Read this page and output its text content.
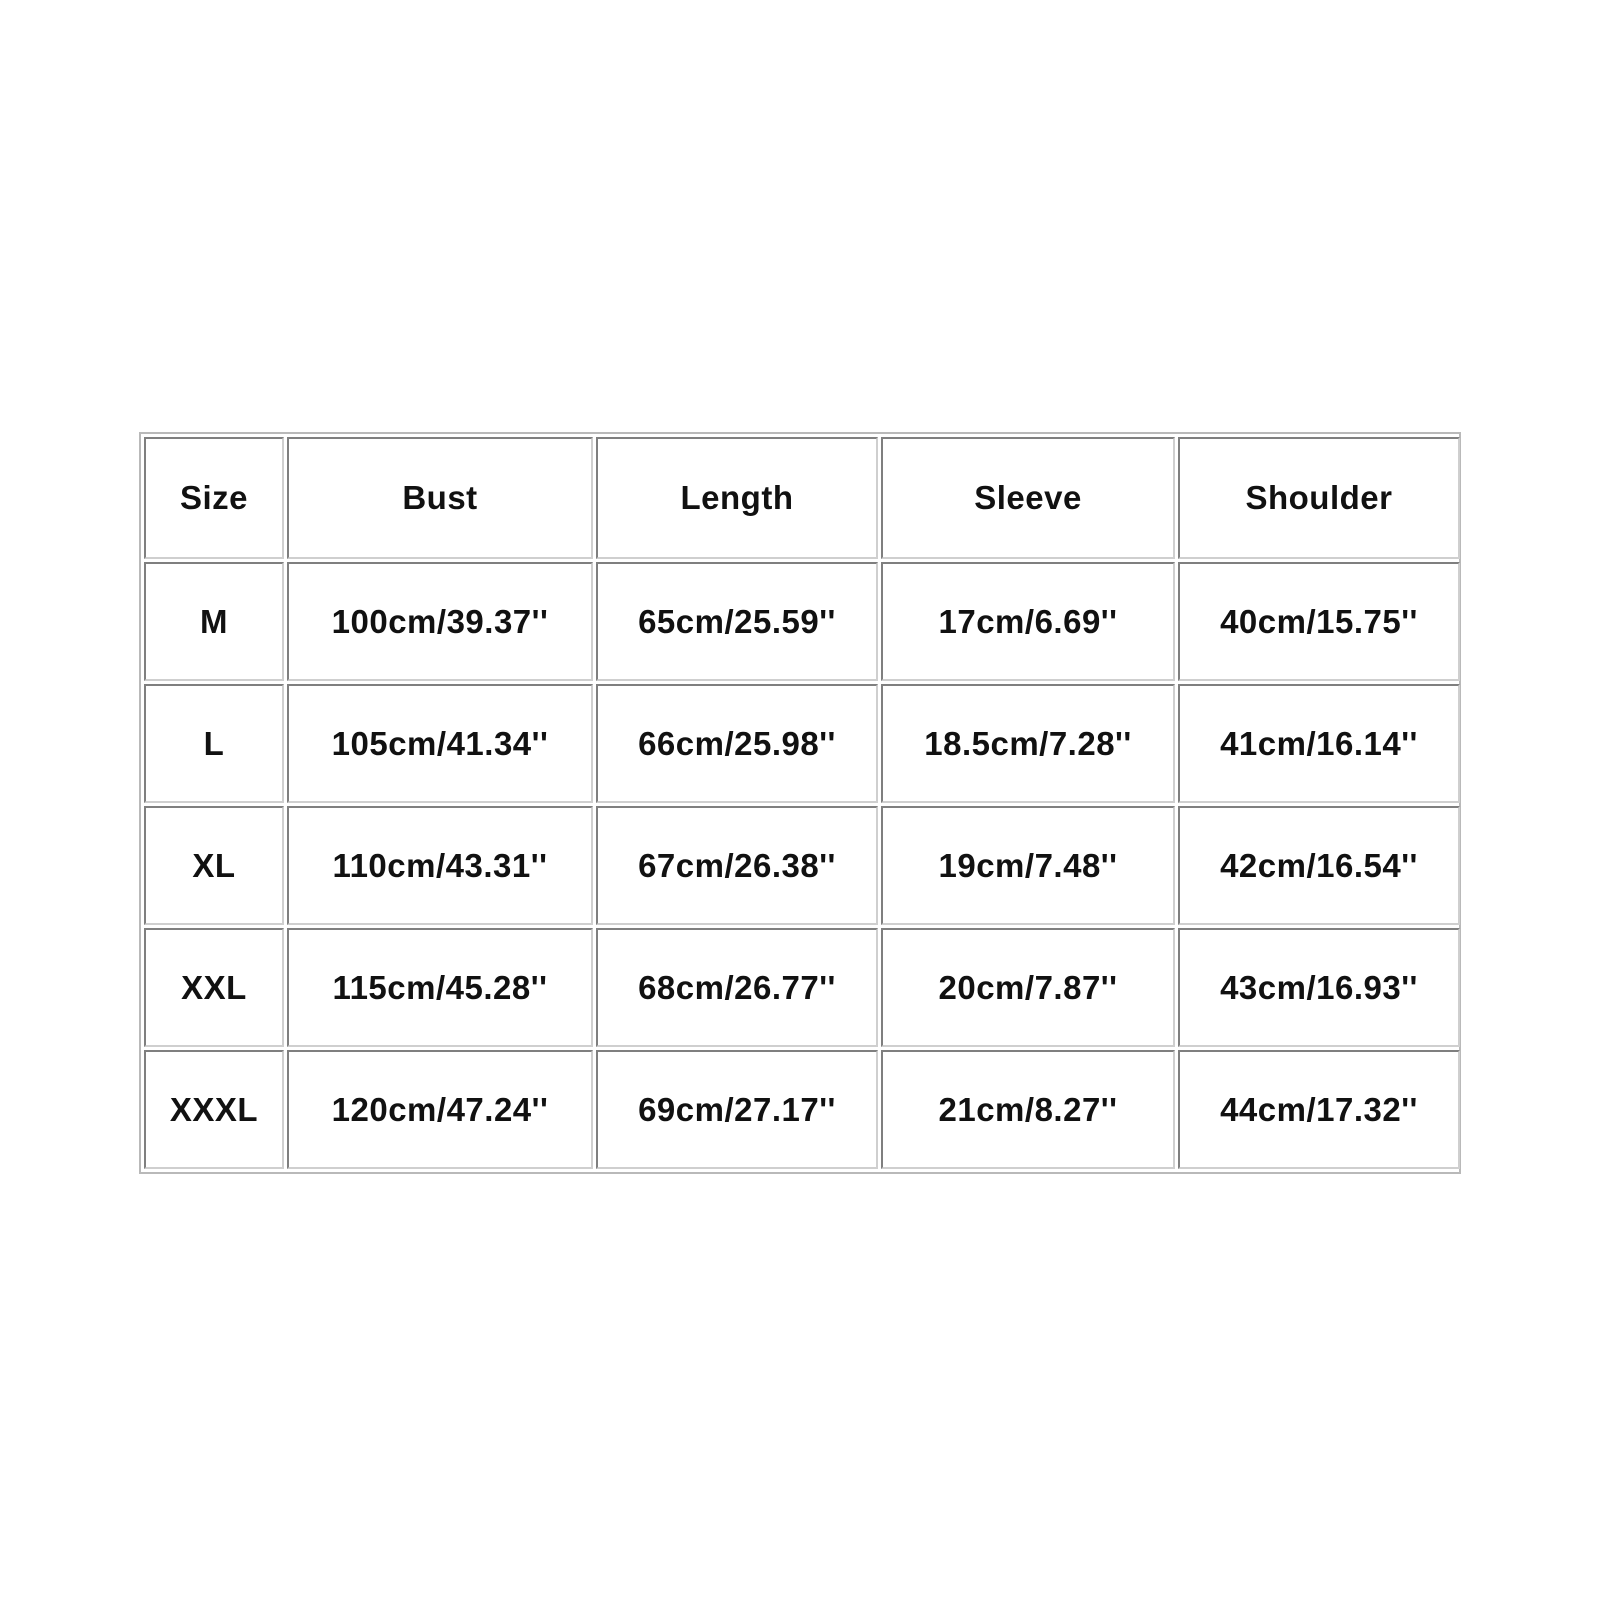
Size	Bust	Length	Sleeve	Shoulder
M	100cm/39.37''	65cm/25.59''	17cm/6.69''	40cm/15.75''
L	105cm/41.34''	66cm/25.98''	18.5cm/7.28''	41cm/16.14''
XL	110cm/43.31''	67cm/26.38''	19cm/7.48''	42cm/16.54''
XXL	115cm/45.28''	68cm/26.77''	20cm/7.87''	43cm/16.93''
XXXL	120cm/47.24''	69cm/27.17''	21cm/8.27''	44cm/17.32''
